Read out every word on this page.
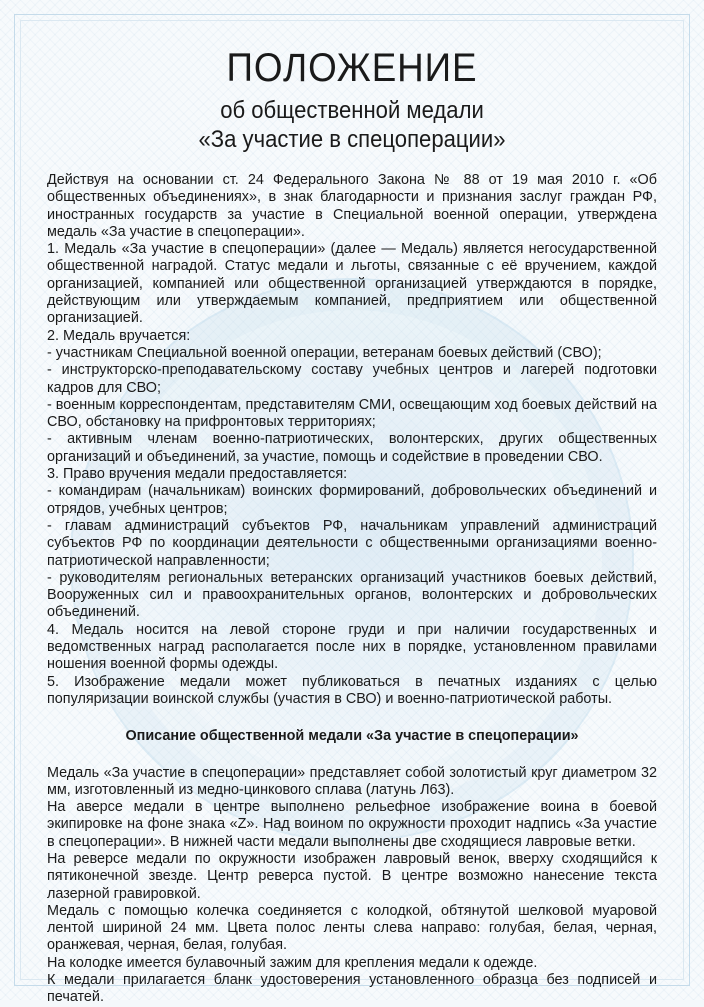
ПОЛОЖЕНИЕ
об общественной медали
«За участие в спецоперации»

Действуя на основании ст. 24 Федерального Закона № 88 от 19 мая 2010 г. «Об общественных объединениях», в знак благодарности и признания заслуг граждан РФ, иностранных государств за участие в Специальной военной операции, утверждена медаль «За участие в спецоперации».

1. Медаль «За участие в спецоперации» (далее — Медаль) является негосударственной общественной наградой. Статус медали и льготы, связанные с её вручением, каждой организацией, компанией или общественной организацией утверждаются в порядке, действующим или утверждаемым компанией, предприятием или общественной организацией.

2. Медаль вручается:

- участникам Специальной военной операции, ветеранам боевых действий (СВО);

- инструкторско-преподавательскому составу учебных центров и лагерей подготовки кадров для СВО;

- военным корреспондентам, представителям СМИ, освещающим ход боевых действий на СВО, обстановку на прифронтовых территориях;

- активным членам военно-патриотических, волонтерских, других общественных организаций и объединений, за участие, помощь и содействие в проведении СВО.

3. Право вручения медали предоставляется:

- командирам (начальникам) воинских формирований, добровольческих объединений и отрядов, учебных центров;

- главам администраций субъектов РФ, начальникам управлений администраций субъектов РФ по координации деятельности с общественными организациями военно-патриотической направленности;

- руководителям региональных ветеранских организаций участников боевых действий, Вооруженных сил и правоохранительных органов, волонтерских и добровольческих объединений.

4. Медаль носится на левой стороне груди и при наличии государственных и ведомственных наград располагается после них в порядке, установленном правилами ношения военной формы одежды.

5. Изображение медали может публиковаться в печатных изданиях с целью популяризации воинской службы (участия в СВО) и военно-патриотической работы.

Описание общественной медали «За участие в спецоперации»

Медаль «За участие в спецоперации» представляет собой золотистый круг диаметром 32 мм, изготовленный из медно-цинкового сплава (латунь Л63).

На аверсе медали в центре выполнено рельефное изображение воина в боевой экипировке на фоне знака «Z». Над воином по окружности проходит надпись «За участие в спецоперации». В нижней части медали выполнены две сходящиеся лавровые ветки.

На реверсе медали по окружности изображен лавровый венок, вверху сходящийся к пятиконечной звезде. Центр реверса пустой. В центре возможно нанесение текста лазерной гравировкой.

Медаль с помощью колечка соединяется с колодкой, обтянутой шелковой муаровой лентой шириной 24 мм. Цвета полос ленты слева направо: голубая, белая, черная, оранжевая, черная, белая, голубая.

На колодке имеется булавочный зажим для крепления медали к одежде.

К медали прилагается бланк удостоверения установленного образца без подписей и печатей.
